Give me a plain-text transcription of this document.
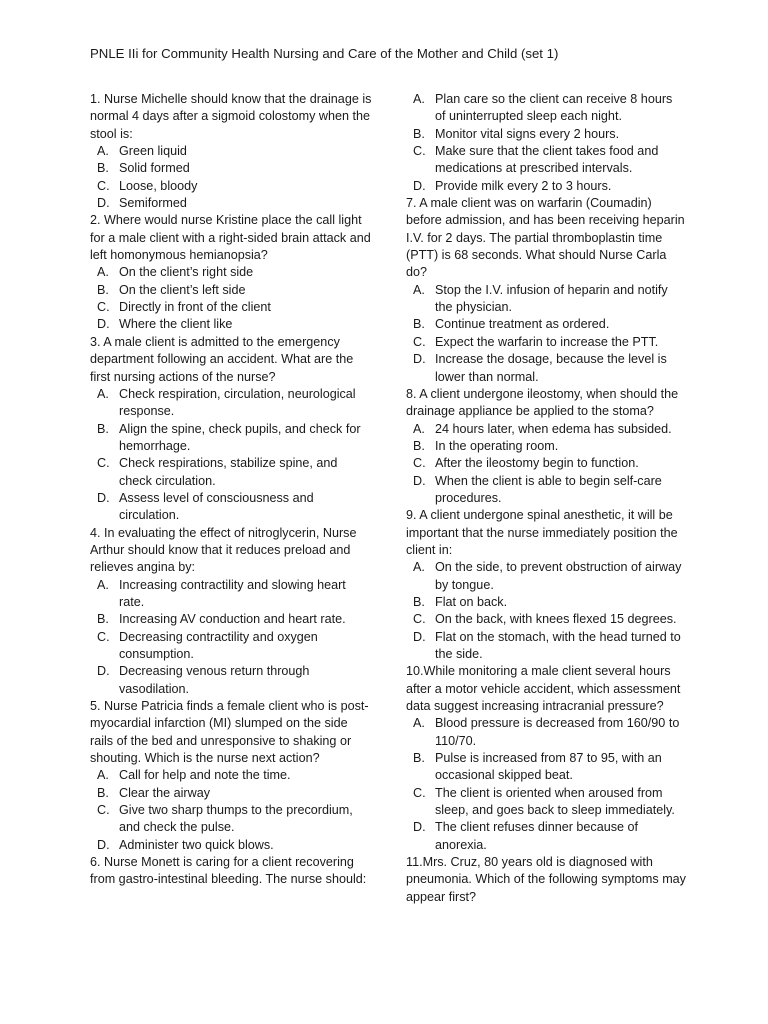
PNLE IIi for Community Health Nursing and Care of the Mother and Child (set 1)

1. Nurse Michelle should know that the drainage is normal 4 days after a sigmoid colostomy when the stool is:

A. Green liquid
B. Solid formed
C. Loose, bloody
D. Semiformed

2. Where would nurse Kristine place the call light for a male client with a right-sided brain attack and left homonymous hemianopsia?

A. On the client’s right side
B. On the client’s left side
C. Directly in front of the client
D. Where the client like

3. A male client is admitted to the emergency department following an accident. What are the first nursing actions of the nurse?

A. Check respiration, circulation, neurological response.
B. Align the spine, check pupils, and check for hemorrhage.
C. Check respirations, stabilize spine, and check circulation.
D. Assess level of consciousness and circulation.

4. In evaluating the effect of nitroglycerin, Nurse Arthur should know that it reduces preload and relieves angina by:

A. Increasing contractility and slowing heart rate.
B. Increasing AV conduction and heart rate.
C. Decreasing contractility and oxygen consumption.
D. Decreasing venous return through vasodilation.

5. Nurse Patricia finds a female client who is post-myocardial infarction (MI) slumped on the side rails of the bed and unresponsive to shaking or shouting. Which is the nurse next action?

A. Call for help and note the time.
B. Clear the airway
C. Give two sharp thumps to the precordium, and check the pulse.
D. Administer two quick blows.

6. Nurse Monett is caring for a client recovering from gastro-intestinal bleeding. The nurse should:

A. Plan care so the client can receive 8 hours of uninterrupted sleep each night.
B. Monitor vital signs every 2 hours.
C. Make sure that the client takes food and medications at prescribed intervals.
D. Provide milk every 2 to 3 hours.

7. A male client was on warfarin (Coumadin) before admission, and has been receiving heparin I.V. for 2 days. The partial thromboplastin time (PTT) is 68 seconds. What should Nurse Carla do?

A. Stop the I.V. infusion of heparin and notify the physician.
B. Continue treatment as ordered.
C. Expect the warfarin to increase the PTT.
D. Increase the dosage, because the level is lower than normal.

8. A client undergone ileostomy, when should the drainage appliance be applied to the stoma?

A. 24 hours later, when edema has subsided.
B. In the operating room.
C. After the ileostomy begin to function.
D. When the client is able to begin self-care procedures.

9. A client undergone spinal anesthetic, it will be important that the nurse immediately position the client in:

A. On the side, to prevent obstruction of airway by tongue.
B. Flat on back.
C. On the back, with knees flexed 15 degrees.
D. Flat on the stomach, with the head turned to the side.

10.While monitoring a male client several hours after a motor vehicle accident, which assessment data suggest increasing intracranial pressure?

A. Blood pressure is decreased from 160/90 to 110/70.
B. Pulse is increased from 87 to 95, with an occasional skipped beat.
C. The client is oriented when aroused from sleep, and goes back to sleep immediately.
D. The client refuses dinner because of anorexia.

11.Mrs. Cruz, 80 years old is diagnosed with pneumonia. Which of the following symptoms may appear first?
